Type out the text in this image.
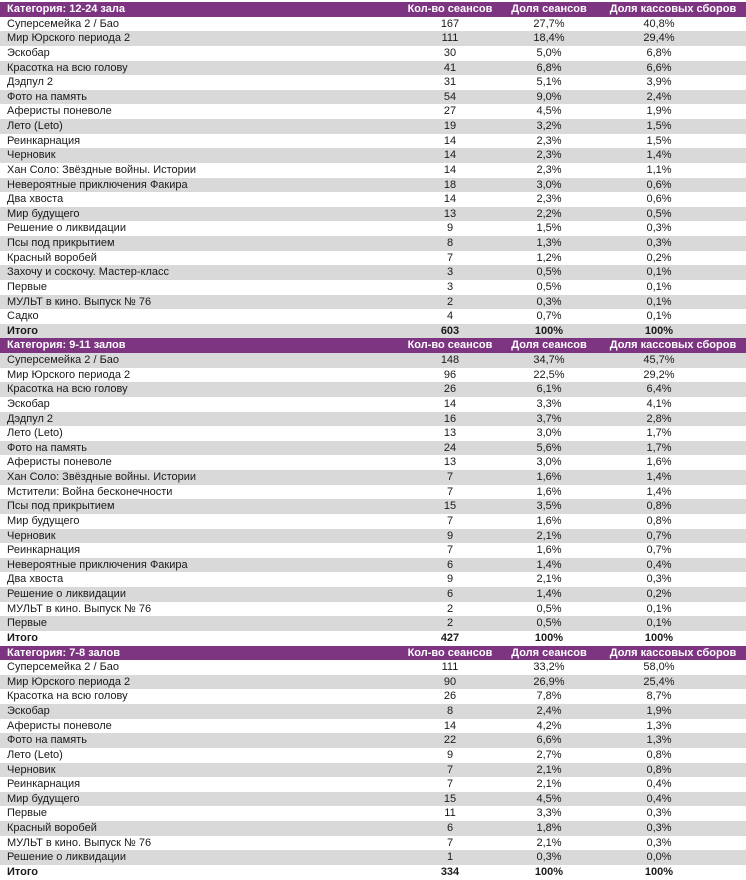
Категория: 12-24 зала	Кол-во сеансов	Доля сеансов	Доля кассовых сборов
Суперсемейка 2 / Бао	167	27,7%	40,8%
Мир Юрского периода 2	111	18,4%	29,4%
Эскобар	30	5,0%	6,8%
Красотка на всю голову	41	6,8%	6,6%
Дэдпул 2	31	5,1%	3,9%
Фото на память	54	9,0%	2,4%
Аферисты поневоле	27	4,5%	1,9%
Лето (Leto)	19	3,2%	1,5%
Реинкарнация	14	2,3%	1,5%
Черновик	14	2,3%	1,4%
Хан Соло: Звёздные войны. Истории	14	2,3%	1,1%
Невероятные приключения Факира	18	3,0%	0,6%
Два хвоста	14	2,3%	0,6%
Мир будущего	13	2,2%	0,5%
Решение о ликвидации	9	1,5%	0,3%
Псы под прикрытием	8	1,3%	0,3%
Красный воробей	7	1,2%	0,2%
Захочу и соскочу. Мастер-класс	3	0,5%	0,1%
Первые	3	0,5%	0,1%
МУЛЬТ в кино. Выпуск № 76	2	0,3%	0,1%
Садко	4	0,7%	0,1%
Итого	603	100%	100%
Категория: 9-11 залов	Кол-во сеансов	Доля сеансов	Доля кассовых сборов
Суперсемейка 2 / Бао	148	34,7%	45,7%
Мир Юрского периода 2	96	22,5%	29,2%
Красотка на всю голову	26	6,1%	6,4%
Эскобар	14	3,3%	4,1%
Дэдпул 2	16	3,7%	2,8%
Лето (Leto)	13	3,0%	1,7%
Фото на память	24	5,6%	1,7%
Аферисты поневоле	13	3,0%	1,6%
Хан Соло: Звёздные войны. Истории	7	1,6%	1,4%
Мстители: Война бесконечности	7	1,6%	1,4%
Псы под прикрытием	15	3,5%	0,8%
Мир будущего	7	1,6%	0,8%
Черновик	9	2,1%	0,7%
Реинкарнация	7	1,6%	0,7%
Невероятные приключения Факира	6	1,4%	0,4%
Два хвоста	9	2,1%	0,3%
Решение о ликвидации	6	1,4%	0,2%
МУЛЬТ в кино. Выпуск № 76	2	0,5%	0,1%
Первые	2	0,5%	0,1%
Итого	427	100%	100%
Категория: 7-8 залов	Кол-во сеансов	Доля сеансов	Доля кассовых сборов
Суперсемейка 2 / Бао	111	33,2%	58,0%
Мир Юрского периода 2	90	26,9%	25,4%
Красотка на всю голову	26	7,8%	8,7%
Эскобар	8	2,4%	1,9%
Аферисты поневоле	14	4,2%	1,3%
Фото на память	22	6,6%	1,3%
Лето (Leto)	9	2,7%	0,8%
Черновик	7	2,1%	0,8%
Реинкарнация	7	2,1%	0,4%
Мир будущего	15	4,5%	0,4%
Первые	11	3,3%	0,3%
Красный воробей	6	1,8%	0,3%
МУЛЬТ в кино. Выпуск № 76	7	2,1%	0,3%
Решение о ликвидации	1	0,3%	0,0%
Итого	334	100%	100%
